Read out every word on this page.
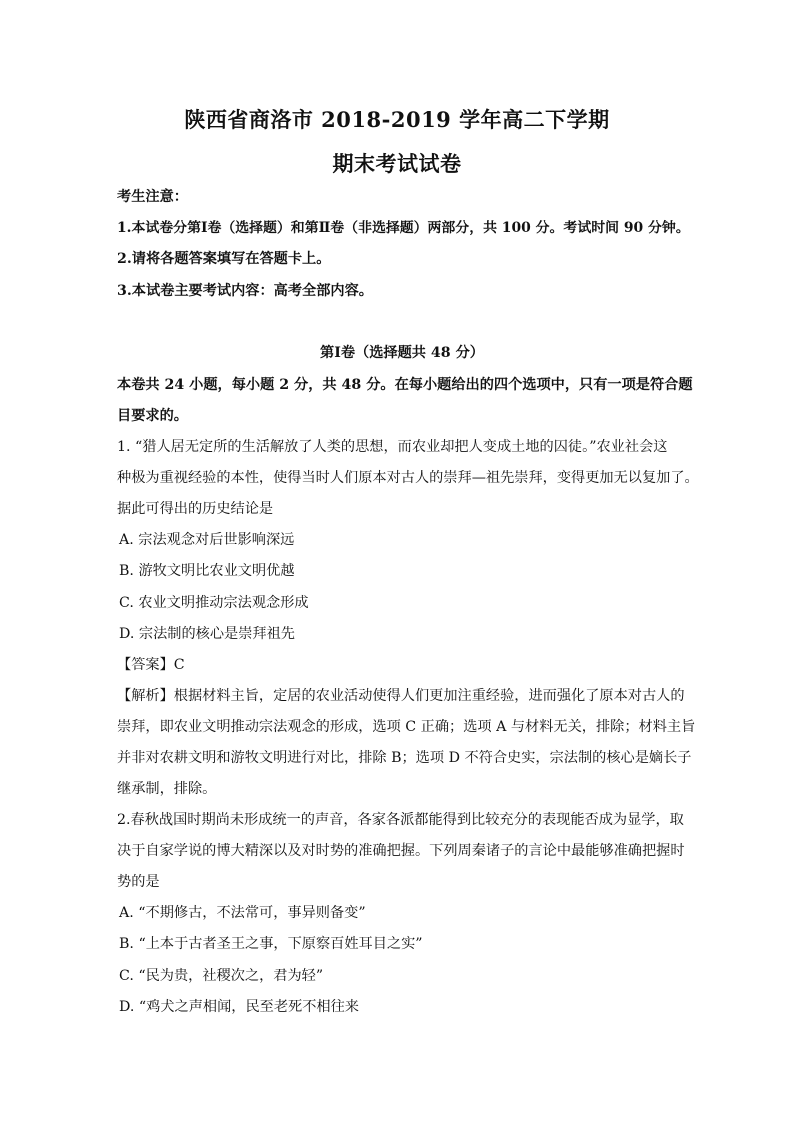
陕西省商洛市 2018-2019 学年高二下学期
期末考试试卷
考生注意：
1.本试卷分第Ⅰ卷（选择题）和第Ⅱ卷（非选择题）两部分，共 100 分。考试时间 90 分钟。
2.请将各题答案填写在答题卡上。
3.本试卷主要考试内容：高考全部内容。
第Ⅰ卷（选择题共 48 分）
本卷共 24 小题，每小题 2 分，共 48 分。在每小题给出的四个选项中，只有一项是符合题
目要求的。
1. “猎人居无定所的生活解放了人类的思想，而农业却把人变成土地的囚徒。”农业社会这
种极为重视经验的本性，使得当时人们原本对古人的崇拜—祖先崇拜，变得更加无以复加了。
据此可得出的历史结论是
A. 宗法观念对后世影响深远
B. 游牧文明比农业文明优越
C. 农业文明推动宗法观念形成
D. 宗法制的核心是崇拜祖先
【答案】C
【解析】根据材料主旨，定居的农业活动使得人们更加注重经验，进而强化了原本对古人的
崇拜，即农业文明推动宗法观念的形成，选项 C 正确；选项 A 与材料无关，排除；材料主旨
并非对农耕文明和游牧文明进行对比，排除 B；选项 D 不符合史实，宗法制的核心是嫡长子
继承制，排除。
2.春秋战国时期尚未形成统一的声音，各家各派都能得到比较充分的表现能否成为显学，取
决于自家学说的博大精深以及对时势的准确把握。下列周秦诸子的言论中最能够准确把握时
势的是
A. “不期修古，不法常可，事异则备变”
B. “上本于古者圣王之事，下原察百姓耳目之实”
C. “民为贵，社稷次之，君为轻”
D. “鸡犬之声相闻，民至老死不相往来
